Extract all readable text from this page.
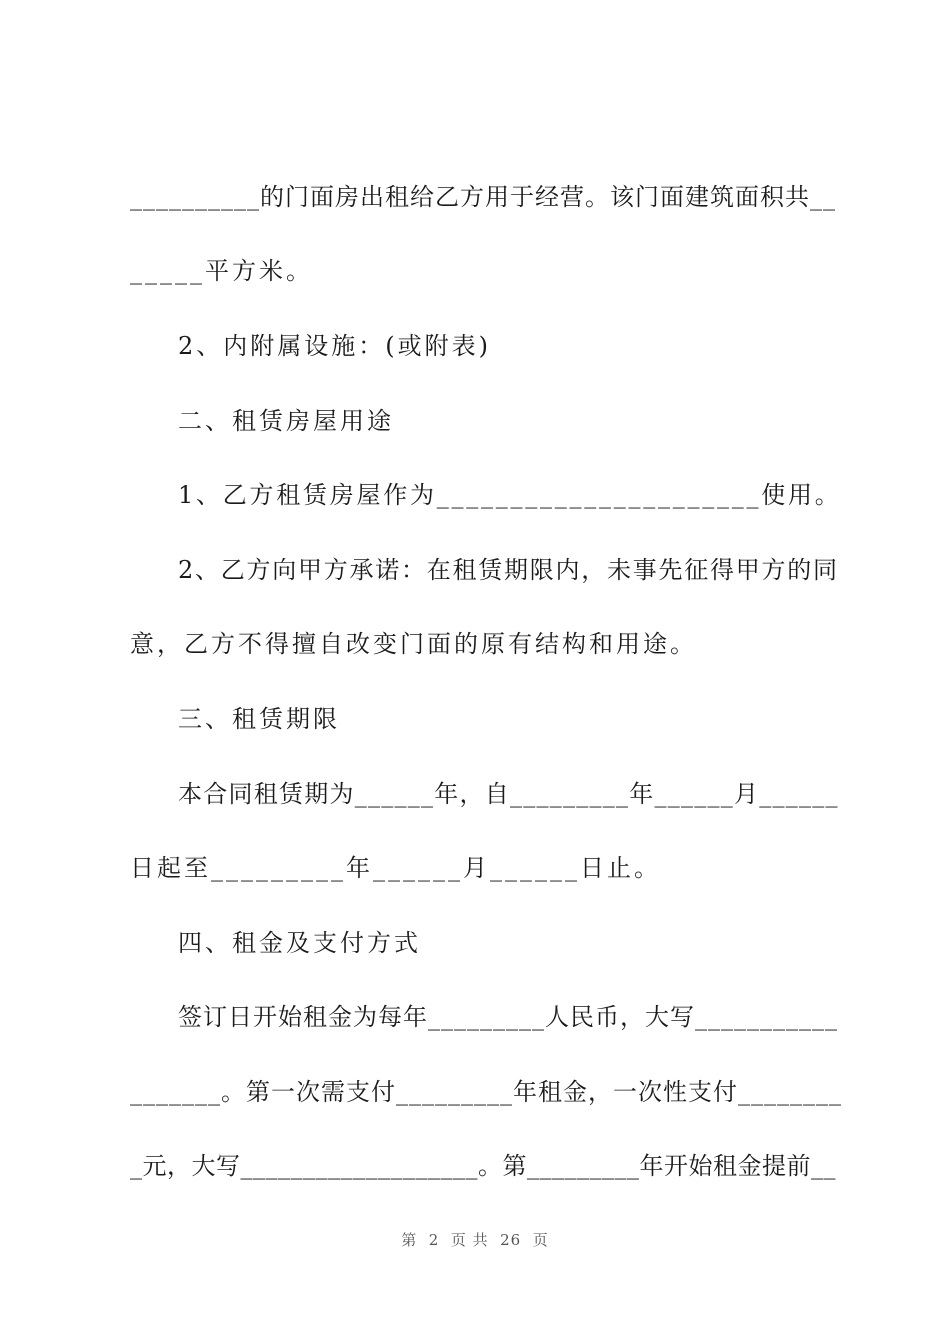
__________的门面房出租给乙方用于经营。该门面建筑面积共__
_____平方米。
2、内附属设施：(或附表)
二、租赁房屋用途
1、乙方租赁房屋作为______________________使用。
2、乙方向甲方承诺：在租赁期限内，未事先征得甲方的同
意，乙方不得擅自改变门面的原有结构和用途。
三、租赁期限
本合同租赁期为______年，自_________年______月______
日起至_________年______月______日止。
四、租金及支付方式
签订日开始租金为每年_________人民币，大写___________
_______。第一次需支付_________年租金，一次性支付________
_元，大写___________________。第_________年开始租金提前__
第  2  页 共  26  页
